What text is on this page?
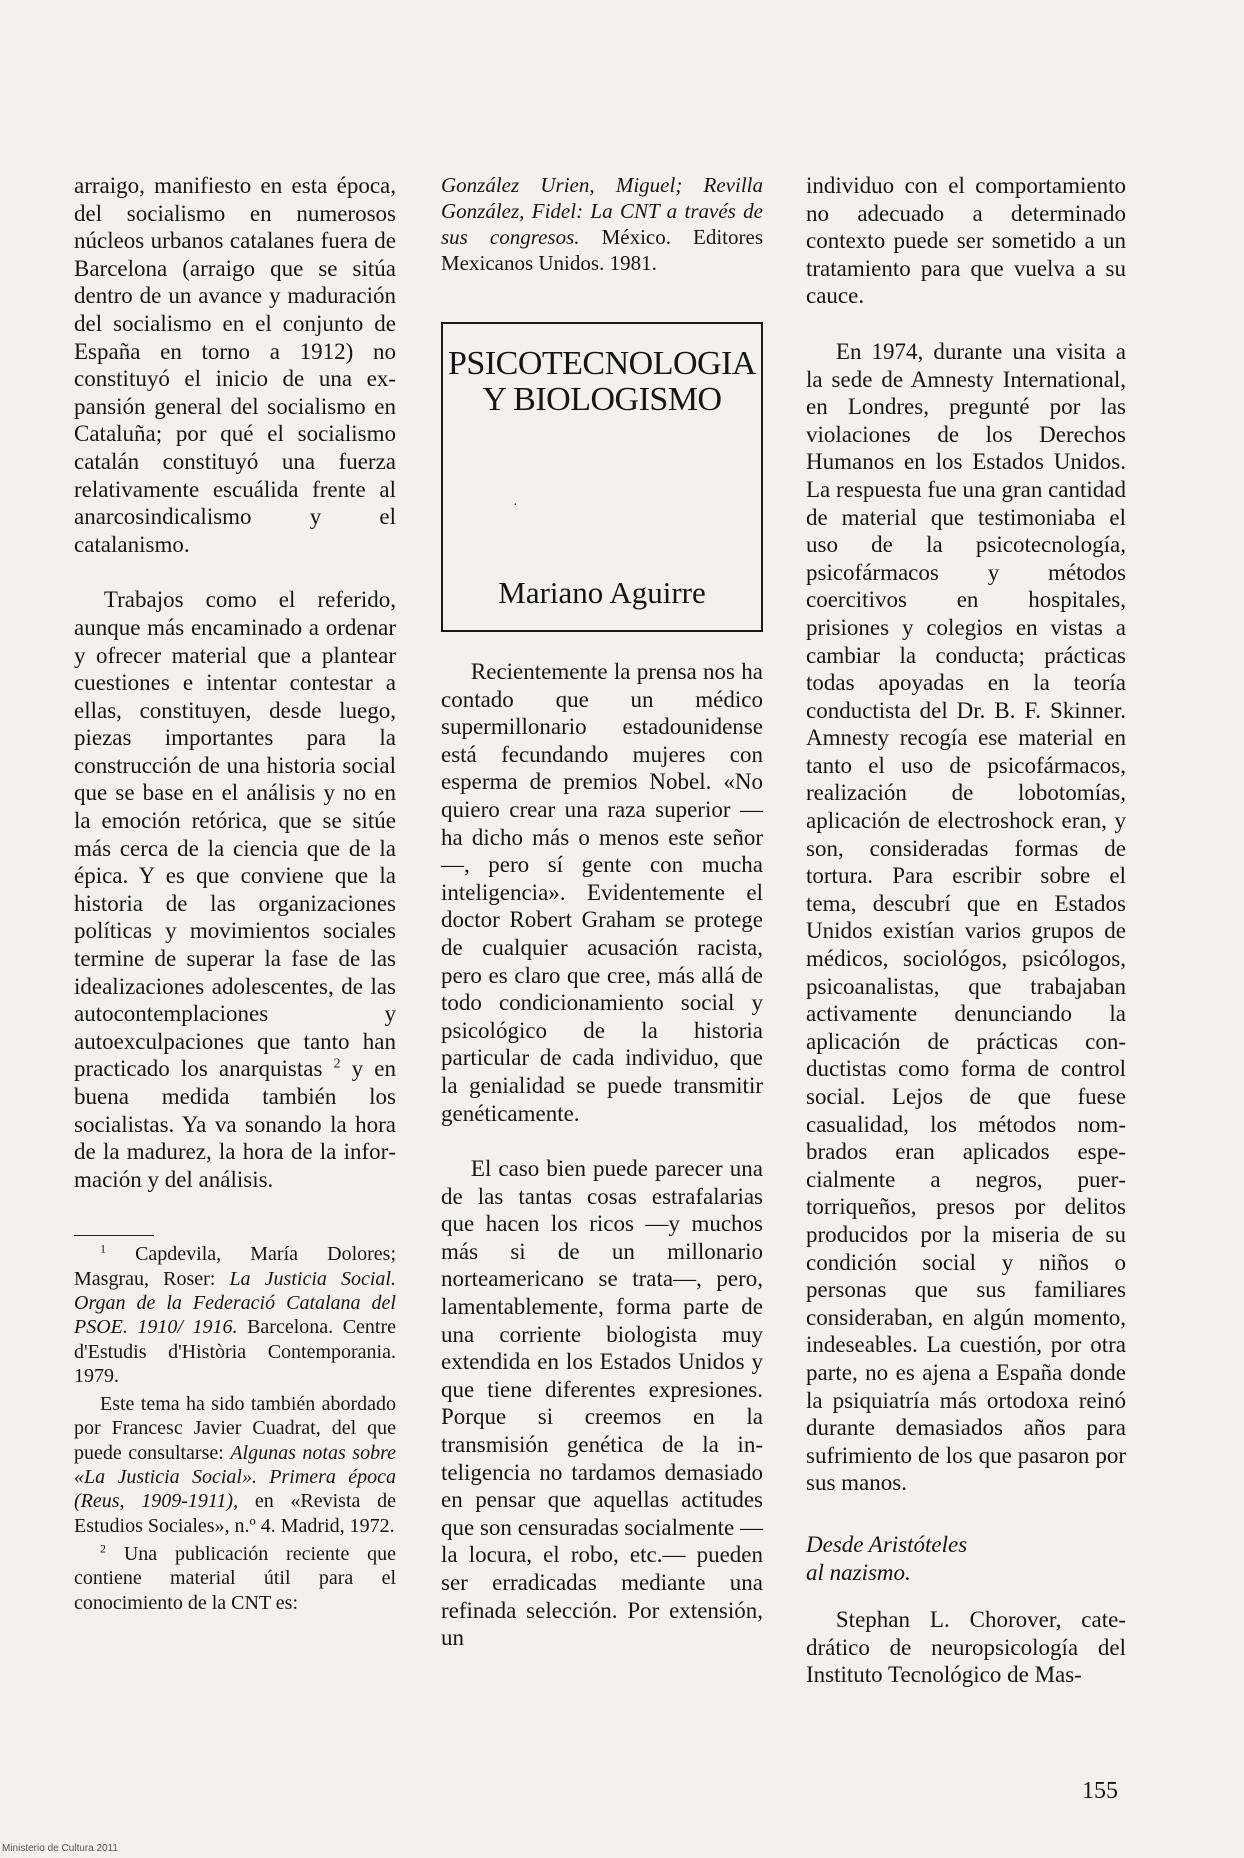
arraigo, manifiesto en esta época, del socialismo en numerosos núcleos urbanos catalanes fuera de Barcelona (arraigo que se sitúa dentro de un avance y maduración del socialismo en el conjunto de España en torno a 1912) no constituyó el inicio de una expansión general del socialismo en Cataluña; por qué el socialismo catalán constituyó una fuerza relativamente escuálida frente al anarcosindicalismo y el catalanismo.

Trabajos como el referido, aunque más encaminado a ordenar y ofrecer material que a plantear cuestiones e intentar contestar a ellas, constituyen, desde luego, piezas importantes para la construcción de una historia social que se base en el análisis y no en la emoción retórica, que se sitúe más cerca de la ciencia que de la épica. Y es que conviene que la historia de las organizaciones políticas y movimientos sociales termine de superar la fase de las idealizaciones adolescentes, de las autocontemplaciones y autoexculpaciones que tanto han practicado los anarquistas $^2$ y en buena medida también los socialistas. Ya va sonando la hora de la madurez, la hora de la información y del análisis.

$^1$ Capdevila, María Dolores; Masgrau, Roser: La Justicia Social. Organ de la Federació Catalana del PSOE. 1910/ 1916. Barcelona. Centre d'Estudis d'Història Contemporania. 1979.

Este tema ha sido también abordado por Francesc Javier Cuadrat, del que puede consultarse: Algunas notas sobre «La Justicia Social». Primera época (Reus, 1909-1911), en «Revista de Estudios Sociales», n.º 4. Madrid, 1972.

$^2$ Una publicación reciente que contiene material útil para el conocimiento de la CNT es:

González Urien, Miguel; Revilla González, Fidel: La CNT a través de sus congresos. México. Editores Mexicanos Unidos. 1981.

PSICOTECNOLOGIA
Y BIOLOGISMO
·
Mariano Aguirre

Recientemente la prensa nos ha contado que un médico supermillonario estadounidense está fecundando mujeres con esperma de premios Nobel. «No quiero crear una raza superior —ha dicho más o menos este señor—, pero sí gente con mucha inteligencia». Evidentemente el doctor Robert Graham se protege de cualquier acusación racista, pero es claro que cree, más allá de todo condicionamiento social y psicológico de la historia particular de cada individuo, que la genialidad se puede transmitir genéticamente.

El caso bien puede parecer una de las tantas cosas estrafalarias que hacen los ricos —y muchos más si de un millonario norteamericano se trata—, pero, lamentablemente, forma parte de una corriente biologista muy extendida en los Estados Unidos y que tiene diferentes expresiones. Porque si creemos en la transmisión genética de la inteligencia no tardamos demasiado en pensar que aquellas actitudes que son censuradas socialmente —la locura, el robo, etc.— pueden ser erradicadas mediante una refinada selección. Por extensión, un

individuo con el comportamiento no adecuado a determinado contexto puede ser sometido a un tratamiento para que vuelva a su cauce.

En 1974, durante una visita a la sede de Amnesty International, en Londres, pregunté por las violaciones de los Derechos Humanos en los Estados Unidos. La respuesta fue una gran cantidad de material que testimoniaba el uso de la psicotecnología, psicofármacos y métodos coercitivos en hospitales, prisiones y colegios en vistas a cambiar la conducta; prácticas todas apoyadas en la teoría conductista del Dr. B. F. Skinner. Amnesty recogía ese material en tanto el uso de psicofármacos, realización de lobotomías, aplicación de electroshock eran, y son, consideradas formas de tortura. Para escribir sobre el tema, descubrí que en Estados Unidos existían varios grupos de médicos, sociológos, psicólogos, psicoanalistas, que trabajaban activamente denunciando la aplicación de prácticas conductistas como forma de control social. Lejos de que fuese casualidad, los métodos nombrados eran aplicados especialmente a negros, puertorriqueños, presos por delitos producidos por la miseria de su condición social y niños o personas que sus familiares consideraban, en algún momento, indeseables. La cuestión, por otra parte, no es ajena a España donde la psiquiatría más ortodoxa reinó durante demasiados años para sufrimiento de los que pasaron por sus manos.

Desde Aristóteles
al nazismo.

Stephan L. Chorover, catedrático de neuropsicología del Instituto Tecnológico de Mas-

155
Ministerio de Cultura 2011
